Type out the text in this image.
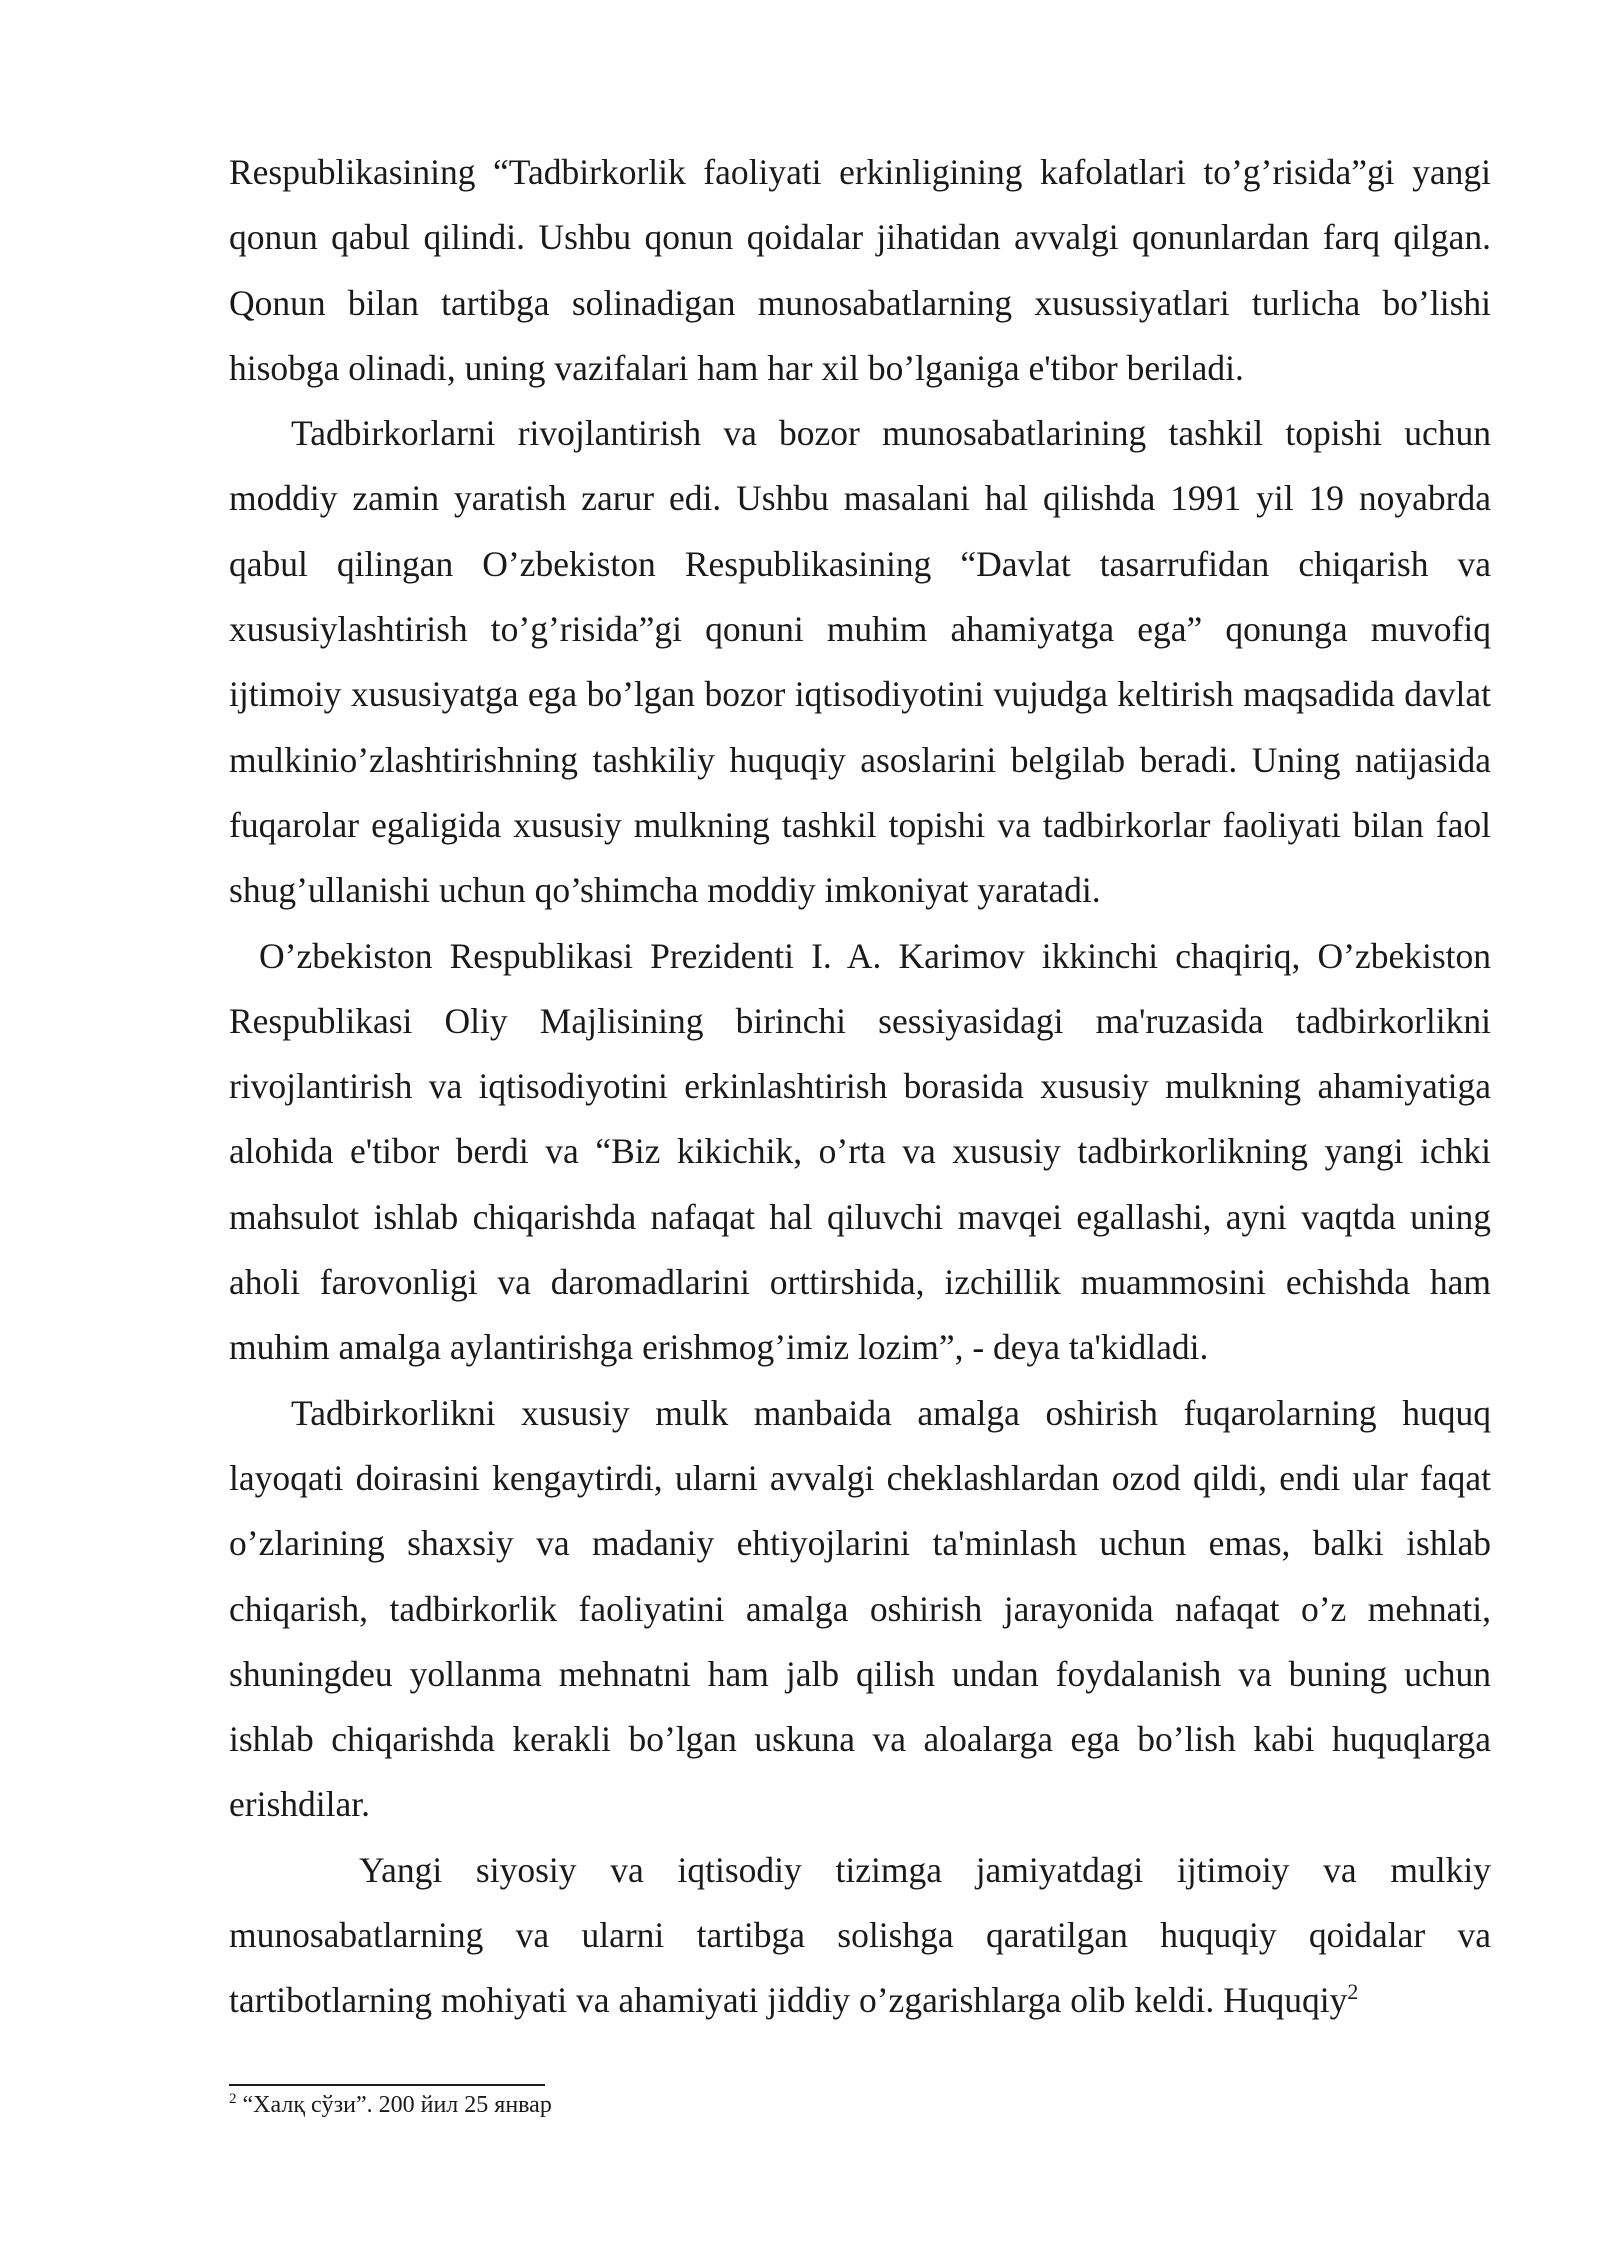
Respublikasining “Tadbirkorlik faoliyati erkinligining kafolatlari to’g’risida”gi yangi qonun qabul qilindi. Ushbu qonun qoidalar jihatidan avvalgi qonunlardan farq qilgan. Qonun bilan tartibga solinadigan munosabatlarning xusussiyatlari turlicha bo’lishi hisobga olinadi, uning vazifalari ham har xil bo’lganiga e'tibor beriladi.

Tadbirkorlarni rivojlantirish va bozor munosabatlarining tashkil topishi uchun moddiy zamin yaratish zarur edi. Ushbu masalani hal qilishda 1991 yil 19 noyabrda qabul qilingan O’zbekiston Respublikasining “Davlat tasarrufidan chiqarish va xususiylashtirish to’g’risida”gi qonuni muhim ahamiyatga ega” qonunga muvofiq ijtimoiy xususiyatga ega bo’lgan bozor iqtisodiyotini vujudga keltirish maqsadida davlat mulkinio’zlashtirishning tashkiliy huquqiy asoslarini belgilab beradi. Uning natijasida fuqarolar egaligida xususiy mulkning tashkil topishi va tadbirkorlar faoliyati bilan faol shug’ullanishi uchun qo’shimcha moddiy imkoniyat yaratadi.

O’zbekiston Respublikasi Prezidenti I. A. Karimov ikkinchi chaqiriq, O’zbekiston Respublikasi Oliy Majlisining birinchi sessiyasidagi ma'ruzasida tadbirkorlikni rivojlantirish va iqtisodiyotini erkinlashtirish borasida xususiy mulkning ahamiyatiga alohida e'tibor berdi va “Biz kikichik, o’rta va xususiy tadbirkorlikning yangi ichki mahsulot ishlab chiqarishda nafaqat hal qiluvchi mavqei egallashi, ayni vaqtda uning aholi farovonligi va daromadlarini orttirshida, izchillik muammosini echishda ham muhim amalga aylantirishga erishmog’imiz lozim”, - deya ta'kidladi.

Tadbirkorlikni xususiy mulk manbaida amalga oshirish fuqarolarning huquq layoqati doirasini kengaytirdi, ularni avvalgi cheklashlardan ozod qildi, endi ular faqat o’zlarining shaxsiy va madaniy ehtiyojlarini ta'minlash uchun emas, balki ishlab chiqarish, tadbirkorlik faoliyatini amalga oshirish jarayonida nafaqat o’z mehnati, shuningdeu yollanma mehnatni ham jalb qilish undan foydalanish va buning uchun ishlab chiqarishda kerakli bo’lgan uskuna va aloalarga ega bo’lish kabi huquqlarga erishdilar.

Yangi siyosiy va iqtisodiy tizimga jamiyatdagi ijtimoiy va mulkiy munosabatlarning va ularni tartibga solishga qaratilgan huquqiy qoidalar va tartibotlarning mohiyati va ahamiyati jiddiy o’zgarishlarga olib keldi. Huquqiy$^2$

$^2$ “Халқ сўзи”. 200 йил 25 январ
